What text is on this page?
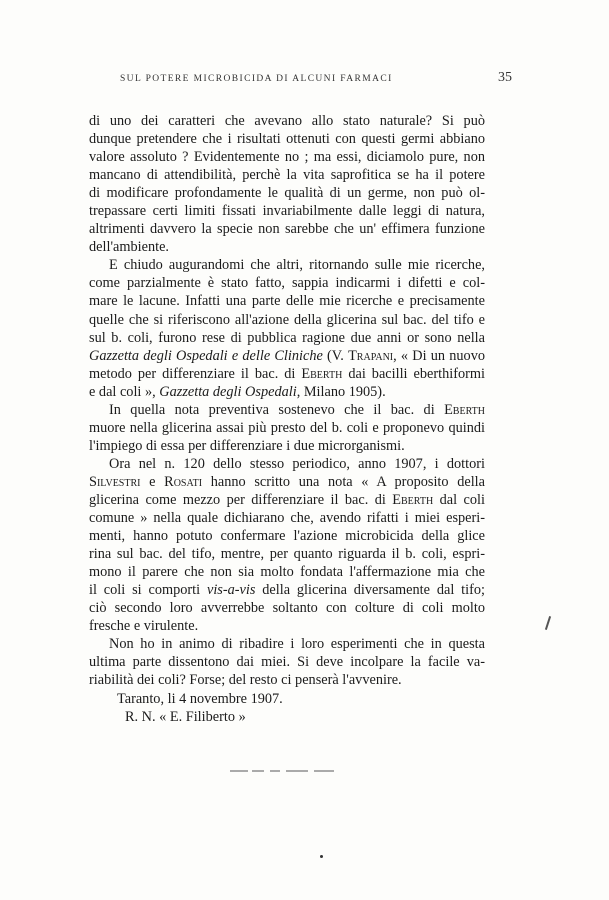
SUL POTERE MICROBICIDA DI ALCUNI FARMACI	35
di uno dei caratteri che avevano allo stato naturale? Si può
dunque pretendere che i risultati ottenuti con questi germi abbiano
valore assoluto ? Evidentemente no ; ma essi, diciamolo pure, non
mancano di attendibilità, perchè la vita saprofitica se ha il potere
di modificare profondamente le qualità di un germe, non può ol-
trepassare certi limiti fissati invariabilmente dalle leggi di natura,
altrimenti davvero la specie non sarebbe che un' effimera funzione
dell'ambiente.
E chiudo augurandomi che altri, ritornando sulle mie ricerche,
come parzialmente è stato fatto, sappia indicarmi i difetti e col-
mare le lacune. Infatti una parte delle mie ricerche e precisamente
quelle che si riferiscono all'azione della glicerina sul bac. del tifo e
sul b. coli, furono rese di pubblica ragione due anni or sono nella
Gazzetta degli Ospedali e delle Cliniche (V. Trapani, « Di un nuovo
metodo per differenziare il bac. di Eberth dai bacilli eberthiformi
e dal coli », Gazzetta degli Ospedali, Milano 1905).
In quella nota preventiva sostenevo che il bac. di Eberth
muore nella glicerina assai più presto del b. coli e proponevo quindi
l'impiego di essa per differenziare i due microrganismi.
Ora nel n. 120 dello stesso periodico, anno 1907, i dottori
Silvestri e Rosati hanno scritto una nota « A proposito della
glicerina come mezzo per differenziare il bac. di Eberth dal coli
comune » nella quale dichiarano che, avendo rifatti i miei esperi-
menti, hanno potuto confermare l'azione microbicida della glice
rina sul bac. del tifo, mentre, per quanto riguarda il b. coli, espri-
mono il parere che non sia molto fondata l'affermazione mia che
il coli si comporti vis-a-vis della glicerina diversamente dal tifo;
ciò secondo loro avverrebbe soltanto con colture di coli molto
fresche e virulente.
Non ho in animo di ribadire i loro esperimenti che in questa
ultima parte dissentono dai miei. Si deve incolpare la facile va-
riabilità dei coli? Forse; del resto ci penserà l'avvenire.
Taranto, li 4 novembre 1907.
R. N. « E. Filiberto »
